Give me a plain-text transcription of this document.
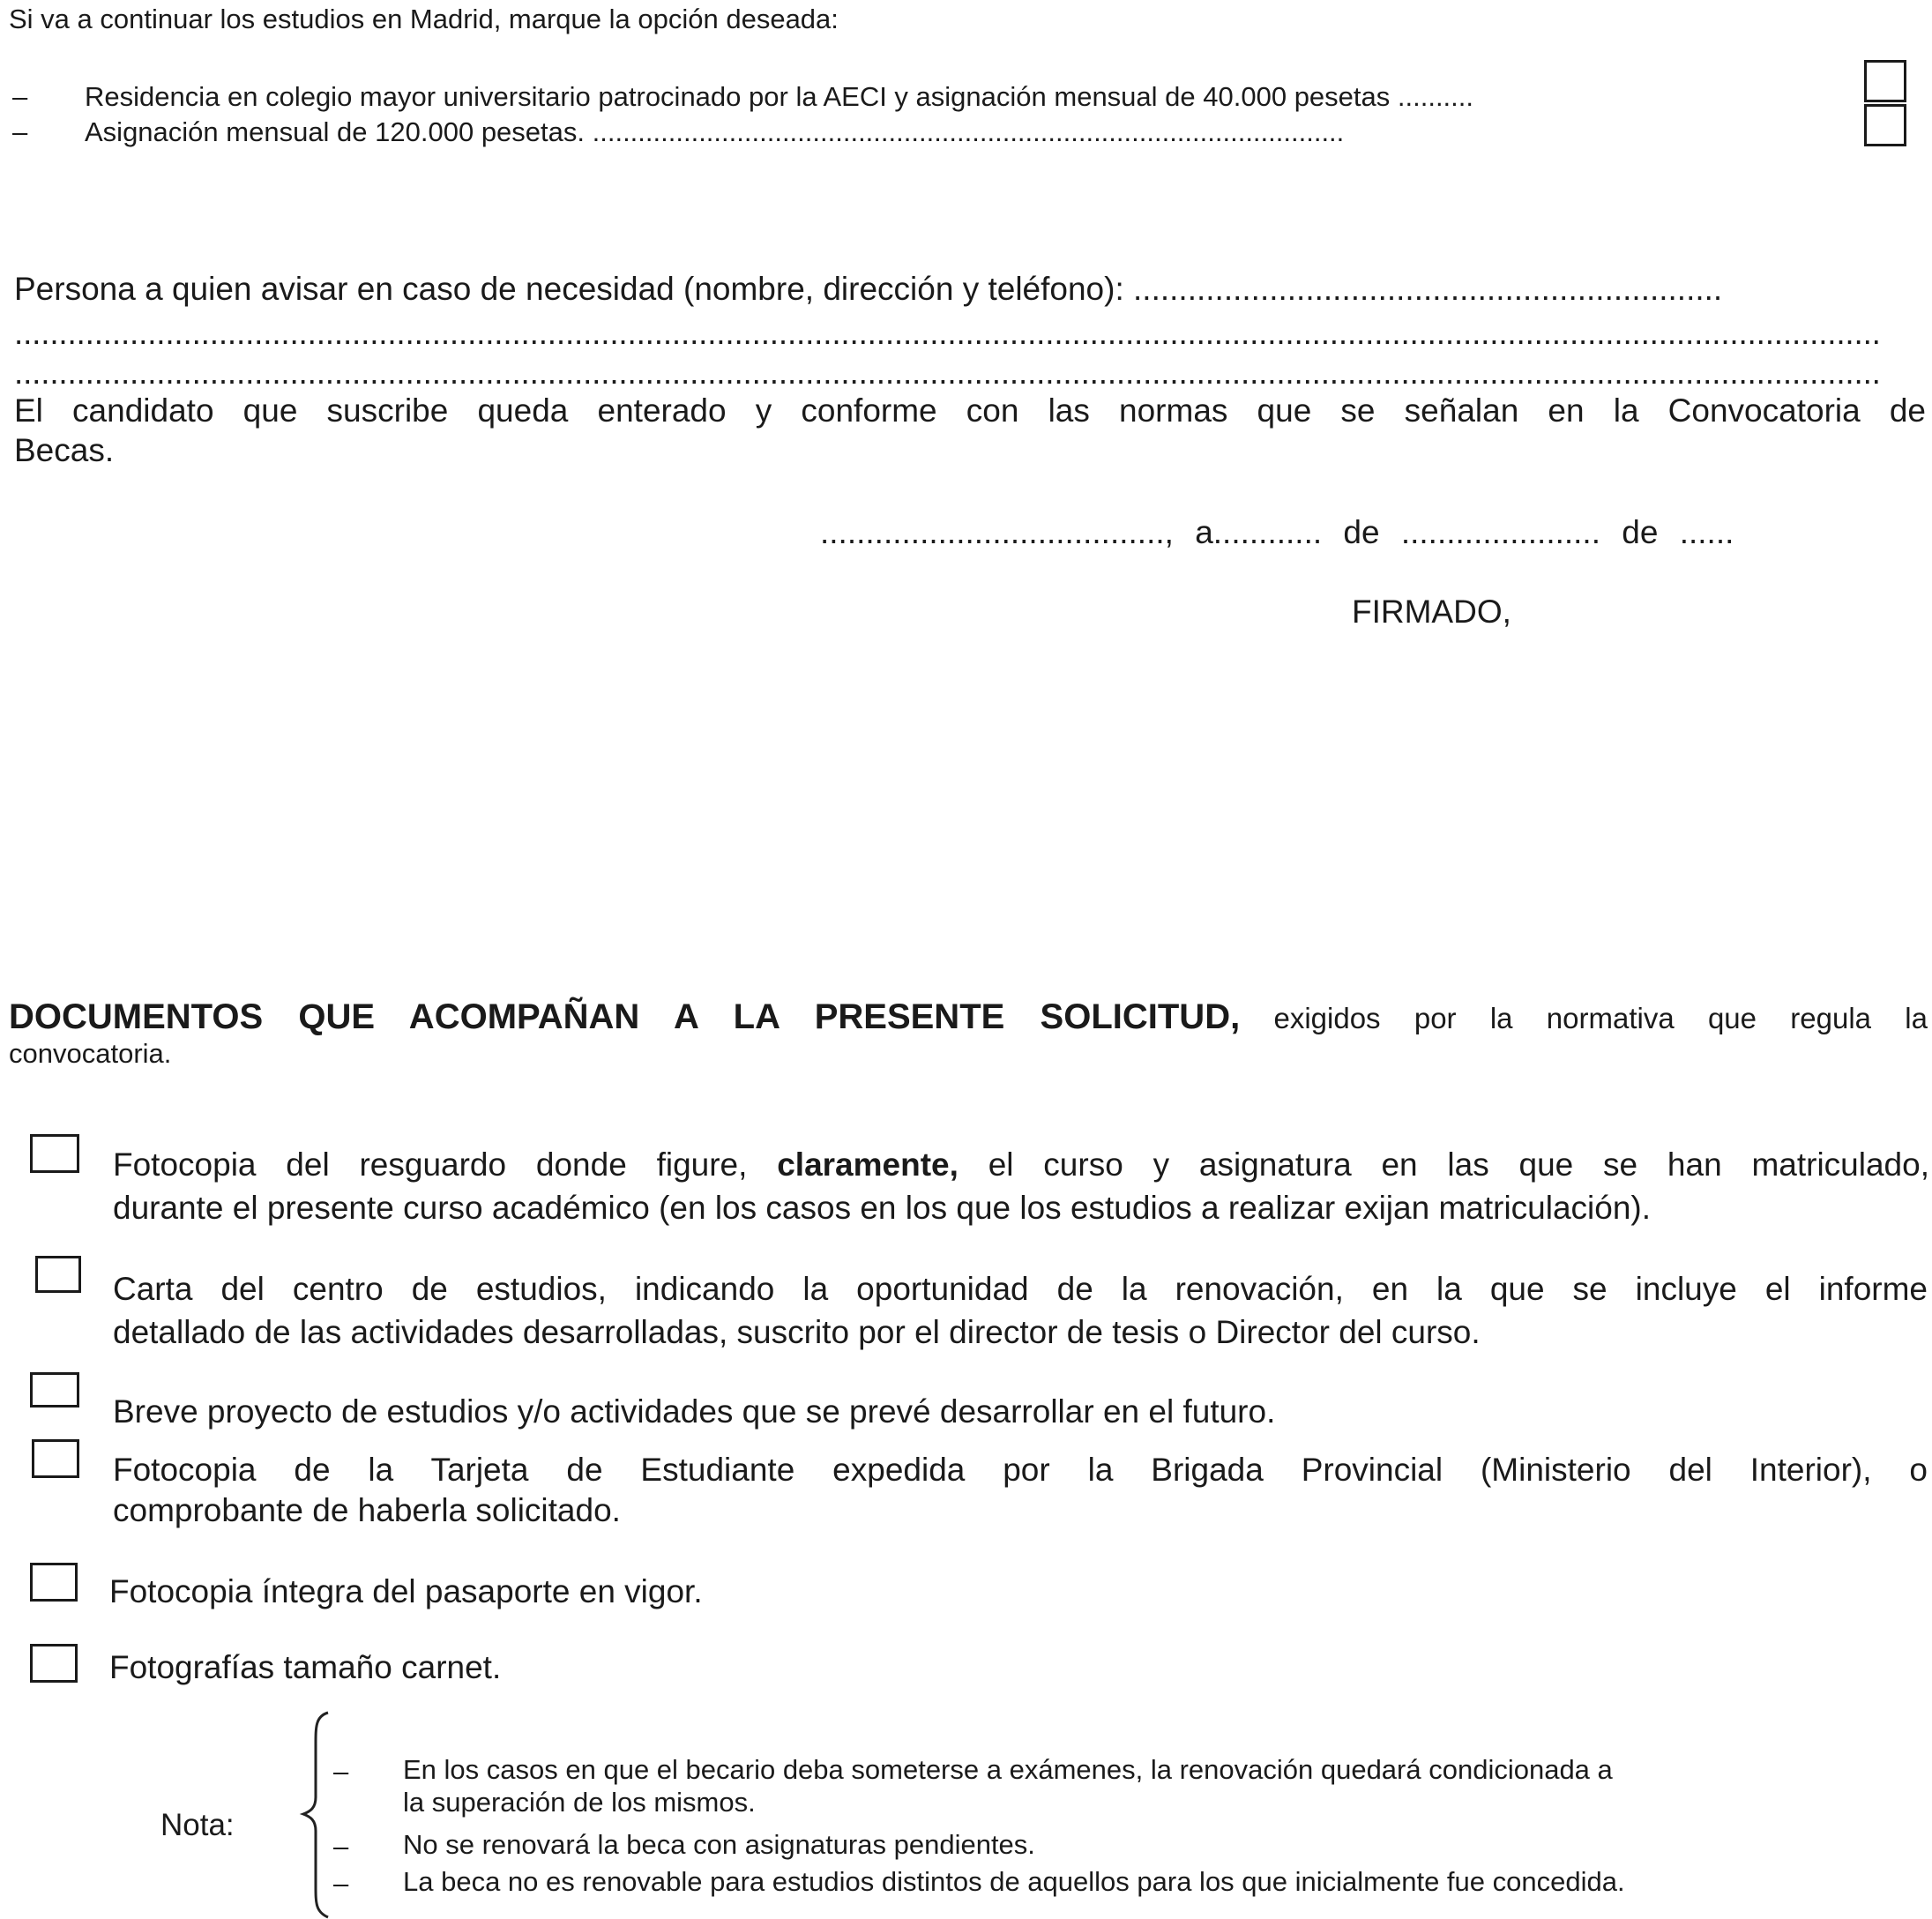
Si va a continuar los estudios en Madrid, marque la opción deseada:
– Residencia en colegio mayor universitario patrocinado por la AECI y asignación mensual de 40.000 pesetas ..........
– Asignación mensual de 120.000 pesetas. ...................................................................................................
Persona a quien avisar en caso de necesidad (nombre, dirección y teléfono): .................................................................
..................................................................................................................................................................................................................
..................................................................................................................................................................................................................
El candidato que suscribe queda enterado y conforme con las normas que se señalan en la Convocatoria de
Becas.
......................................, a............ de ...................... de ......
FIRMADO,
DOCUMENTOS QUE ACOMPAÑAN A LA PRESENTE SOLICITUD, exigidos por la normativa que regula la
convocatoria.
Fotocopia del resguardo donde figure, claramente, el curso y asignatura en las que se han matriculado,
durante el presente curso académico (en los casos en los que los estudios a realizar exijan matriculación).
Carta del centro de estudios, indicando la oportunidad de la renovación, en la que se incluye el informe
detallado de las actividades desarrolladas, suscrito por el director de tesis o Director del curso.
Breve proyecto de estudios y/o actividades que se prevé desarrollar en el futuro.
Fotocopia de la Tarjeta de Estudiante expedida por la Brigada Provincial (Ministerio del Interior), o
comprobante de haberla solicitado.
Fotocopia íntegra del pasaporte en vigor.
Fotografías tamaño carnet.
Nota:
– En los casos en que el becario deba someterse a exámenes, la renovación quedará condicionada a
la superación de los mismos.
– No se renovará la beca con asignaturas pendientes.
– La beca no es renovable para estudios distintos de aquellos para los que inicialmente fue concedida.
